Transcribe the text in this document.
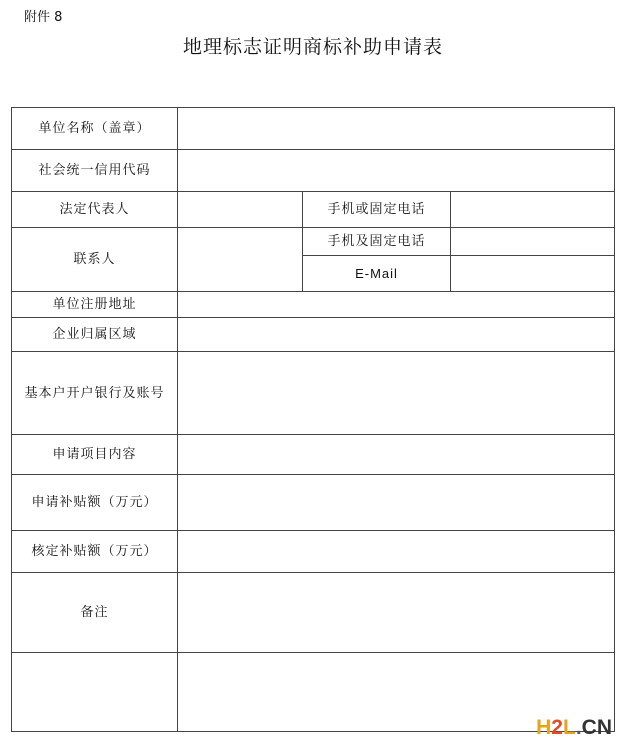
附件 8
地理标志证明商标补助申请表
单位名称（盖章）			
社会统一信用代码			
法定代表人		手机或固定电话	
联系人		手机及固定电话	
		E-Mail	
单位注册地址			
企业归属区域			
基本户开户银行及账号			
申请项目内容			
申请补贴额（万元）			
核定补贴额（万元）			
备注			

H2L.CN
